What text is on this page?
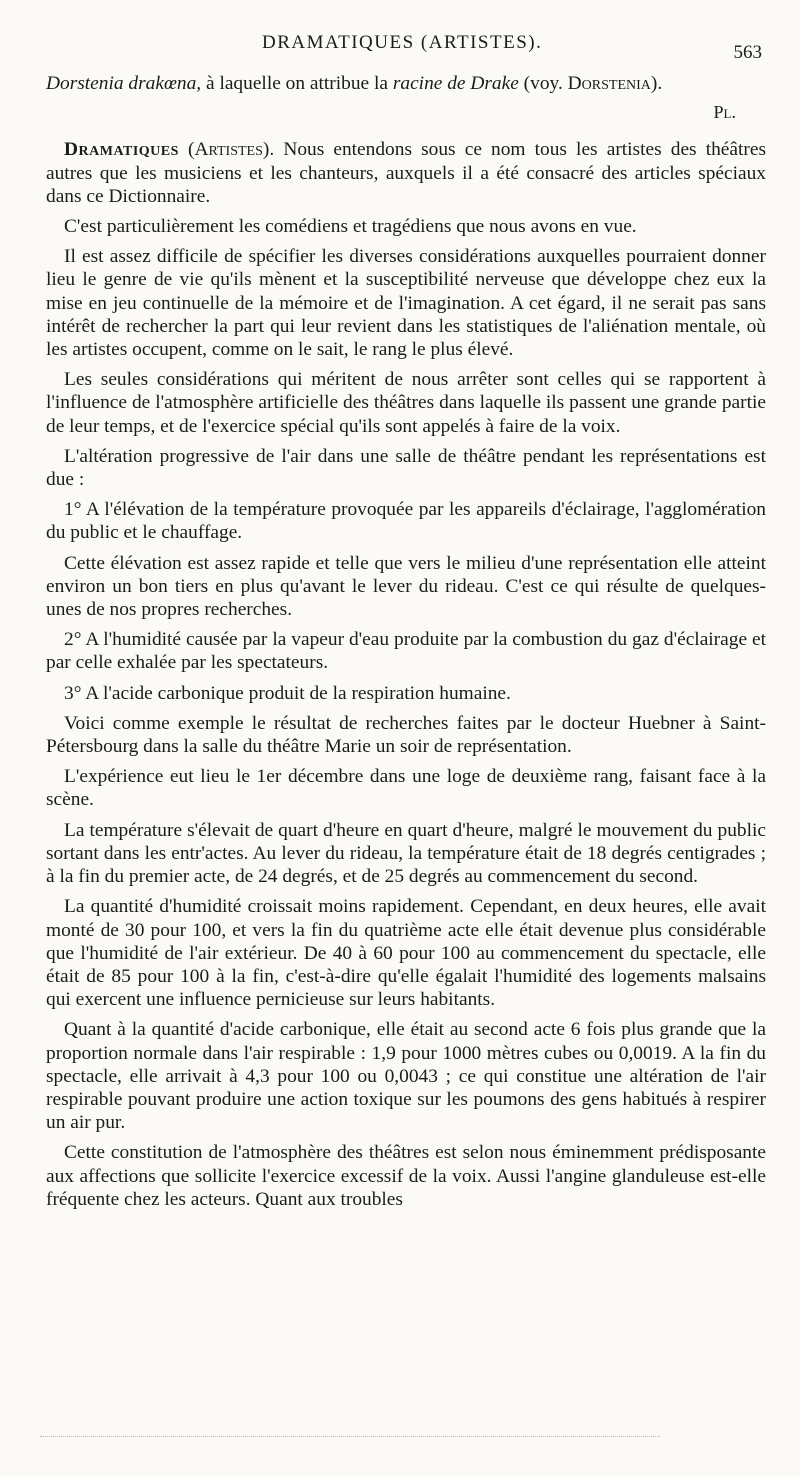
DRAMATIQUES (ARTISTES).	563

Dorstenia drakœna, à laquelle on attribue la racine de Drake (voy. Dorstenia).

Pl.

Dramatiques (Artistes). Nous entendons sous ce nom tous les artistes des théâtres autres que les musiciens et les chanteurs, auxquels il a été consacré des articles spéciaux dans ce Dictionnaire.

C'est particulièrement les comédiens et tragédiens que nous avons en vue.

Il est assez difficile de spécifier les diverses considérations auxquelles pourraient donner lieu le genre de vie qu'ils mènent et la susceptibilité nerveuse que développe chez eux la mise en jeu continuelle de la mémoire et de l'imagination. A cet égard, il ne serait pas sans intérêt de rechercher la part qui leur revient dans les statistiques de l'aliénation mentale, où les artistes occupent, comme on le sait, le rang le plus élevé.

Les seules considérations qui méritent de nous arrêter sont celles qui se rapportent à l'influence de l'atmosphère artificielle des théâtres dans laquelle ils passent une grande partie de leur temps, et de l'exercice spécial qu'ils sont appelés à faire de la voix.

L'altération progressive de l'air dans une salle de théâtre pendant les représentations est due :

1° A l'élévation de la température provoquée par les appareils d'éclairage, l'agglomération du public et le chauffage.

Cette élévation est assez rapide et telle que vers le milieu d'une représentation elle atteint environ un bon tiers en plus qu'avant le lever du rideau. C'est ce qui résulte de quelques-unes de nos propres recherches.

2° A l'humidité causée par la vapeur d'eau produite par la combustion du gaz d'éclairage et par celle exhalée par les spectateurs.

3° A l'acide carbonique produit de la respiration humaine.

Voici comme exemple le résultat de recherches faites par le docteur Huebner à Saint-Pétersbourg dans la salle du théâtre Marie un soir de représentation.

L'expérience eut lieu le 1er décembre dans une loge de deuxième rang, faisant face à la scène.

La température s'élevait de quart d'heure en quart d'heure, malgré le mouvement du public sortant dans les entr'actes. Au lever du rideau, la température était de 18 degrés centigrades ; à la fin du premier acte, de 24 degrés, et de 25 degrés au commencement du second.

La quantité d'humidité croissait moins rapidement. Cependant, en deux heures, elle avait monté de 30 pour 100, et vers la fin du quatrième acte elle était devenue plus considérable que l'humidité de l'air extérieur. De 40 à 60 pour 100 au commencement du spectacle, elle était de 85 pour 100 à la fin, c'est-à-dire qu'elle égalait l'humidité des logements malsains qui exercent une influence pernicieuse sur leurs habitants.

Quant à la quantité d'acide carbonique, elle était au second acte 6 fois plus grande que la proportion normale dans l'air respirable : 1,9 pour 1000 mètres cubes ou 0,0019. A la fin du spectacle, elle arrivait à 4,3 pour 100 ou 0,0043 ; ce qui constitue une altération de l'air respirable pouvant produire une action toxique sur les poumons des gens habitués à respirer un air pur.

Cette constitution de l'atmosphère des théâtres est selon nous éminemment prédisposante aux affections que sollicite l'exercice excessif de la voix. Aussi l'angine glanduleuse est-elle fréquente chez les acteurs. Quant aux troubles
